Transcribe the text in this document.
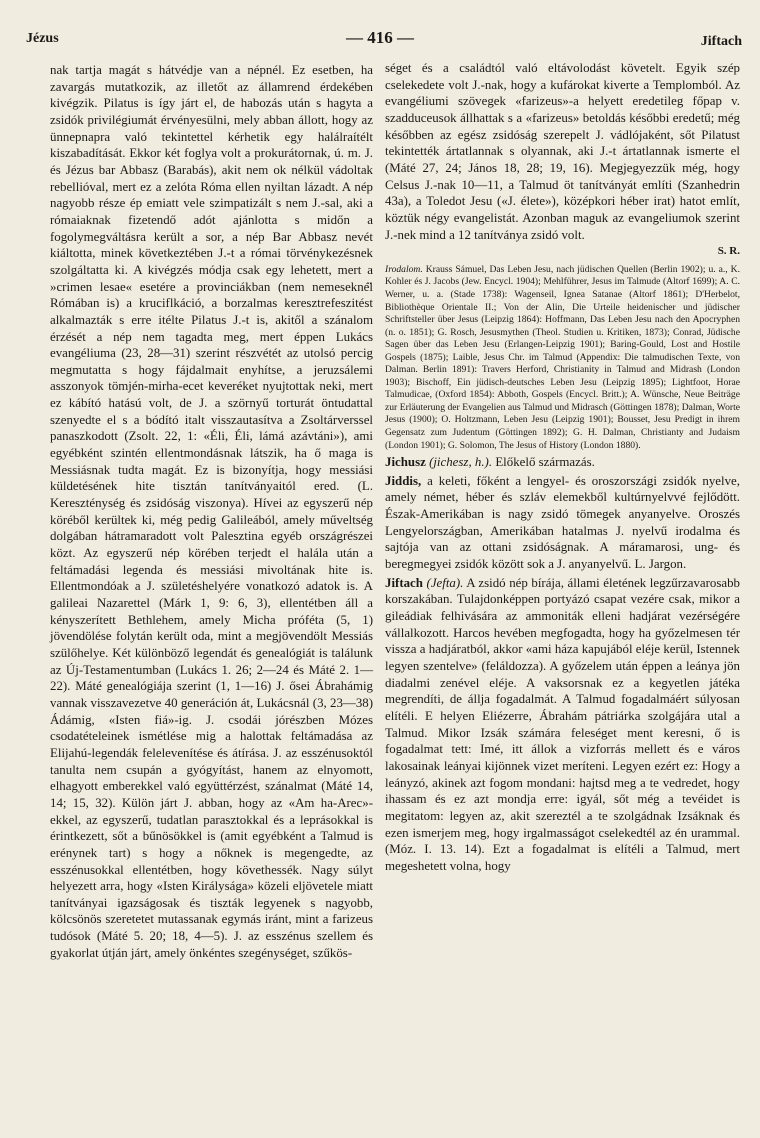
Jézus	— 416 —	Jiftach

nak tartja magát s hátvédje van a népnél. Ez esetben, ha zavargás mutatkozik, az illetőt az államrend érdekében kivégzik. Pilatus is így járt el, de habozás után s hagyta a zsidók privilégiumát érvényesülni, mely abban állott, hogy az ünnepnapra való tekintettel kérhetik egy halálraítélt kiszabadítását. Ekkor két foglya volt a prokurátornak, ú. m. J. és Jézus bar Abbasz (Barabás), akit nem ok nélkül vádoltak rebellióval, mert ez a zelóta Róma ellen nyiltan lázadt. A nép nagyobb része ép emiatt vele szimpatizált s nem J.-sal, aki a rómaiaknak fizetendő adót ajánlotta s midőn a fogolymegváltásra került a sor, a nép Bar Abbasz nevét kiáltotta, minek következtében J.-t a római törvénykezésnek szolgáltatta ki. A kivégzés módja csak egy lehetett, mert a »crimen lesae« esetére a provinciákban (nem nemesekné̈l Rómában is) a kruciflkáció, a borzalmas keresztrefeszitést alkalmazták s erre itélte Pilatus J.-t is, akitől a szánalom érzését a nép nem tagadta meg, mert éppen Lukács evangéliuma (23, 28—31) szerint részvétét az utolsó percig megmutatta s hogy fájdalmait enyhítse, a jeruzsálemi asszonyok tömjén-mirha-ecet keveréket nyujtottak neki, mert ez kábító hatású volt, de J. a szörnyű torturát öntudattal szenyedte el s a bódító italt visszautasítva a Zsoltárverssel panaszkodott (Zsolt. 22, 1: «Éli, Éli, lámá azávtáni»), ami egyébként szintén ellentmondásnak látszik, ha ő maga is Messiásnak tudta magát. Ez is bizonyítja, hogy messiási küldetésének hite tisztán tanítványaitól ered. (L. Kereszténység és zsidóság viszonya). Hívei az egyszerű nép köréből kerültek ki, még pedig Galileából, amely műveltség dolgában hátramaradott volt Palesztina egyéb országrészei közt. Az egyszerű nép körében terjedt el halála után a feltámadási legenda és messiási mivoltának hite is. Ellentmondóak a J. születéshelyére vonatkozó adatok is. A galileai Nazarettel (Márk 1, 9: 6, 3), ellentétben áll a kényszerített Bethlehem, amely Micha próféta (5, 1) jövendölése folytán került oda, mint a megjövendölt Messiás szülőhelye. Két különböző legendát és genealógiát is találunk az Új-Testamentumban (Lukács 1. 26; 2—24 és Máté 2. 1—22). Máté genealógiája szerint (1, 1—16) J. ősei Ábrahámig vannak visszavezetve 40 generáción át, Lukácsnál (3, 23—38) Ádámig, «Isten fiá»-ig. J. csodái jórészben Mózes csodatételeinek ismétlése mig a halottak feltámadása az Elijahú-legendák felelevenítése és átírása. J. az esszénusoktól tanulta nem csupán a gyógyítást, hanem az elnyomott, elhagyott emberekkel való együttérzést, szánalmat (Máté 14, 14; 15, 32). Külön járt J. abban, hogy az «Am ha-Arec»-ekkel, az egyszerű, tudatlan parasztokkal és a leprásokkal is érintkezett, sőt a bűnösökkel is (amit egyébként a Talmud is erénynek tart) s hogy a nőknek is megengedte, az esszénusokkal ellentétben, hogy követhessék. Nagy súlyt helyezett arra, hogy «Isten Királysága» közeli eljövetele miatt tanítványai igazságosak és tiszták legyenek s nagyobb, kölcsönös szeretetet mutassanak egymás iránt, mint a farizeus tudósok (Máté 5. 20; 18, 4—5). J. az esszénus szellem és gyakorlat útján járt, amely önkéntes szegénységet, szűkös-

séget és a családtól való eltávolodást követelt. Egyik szép cselekedete volt J.-nak, hogy a kufárokat kiverte a Templomból. Az evangéliumi szövegek «farizeus»-a helyett eredetileg főpap v. szadduceusok állhattak s a «farizeus» betoldás későbbi eredetű; még későbben az egész zsidóság szerepelt J. vádlójaként, sőt Pilatust tekintették ártatlannak s olyannak, aki J.-t ártatlannak ismerte el (Máté 27, 24; János 18, 28; 19, 16). Megjegyezzük még, hogy Celsus J.-nak 10—11, a Talmud öt tanítványát említi (Szanhedrin 43a), a Toledot Jesu («J. élete»), középkori héber irat) hatot említ, köztük négy evangelistát. Azonban maguk az evangeliumok szerint J.-nek mind a 12 tanítványa zsidó volt.

S. R.

Irodalom. Krauss Sámuel, Das Leben Jesu, nach jüdischen Quellen (Berlin 1902); u. a., K. Kohler és J. Jacobs (Jew. Encycl. 1904); Mehlführer, Jesus im Talmude (Altorf 1699); A. C. Werner, u. a. (Stade 1738): Wagenseil, Ignea Satanae (Altorf 1861); D'Herbelot, Bibliothèque Orientale II.; Von der Alin, Die Urteile heidenischer und jüdischer Schriftsteller über Jesus (Leipzig 1864): Hoffmann, Das Leben Jesu nach den Apocryphen (n. o. 1851); G. Rosch, Jesusmythen (Theol. Studien u. Kritiken, 1873); Conrad, Jüdische Sagen über das Leben Jesu (Erlangen-Leipzig 1901); Baring-Gould, Lost and Hostile Gospels (1875); Laible, Jesus Chr. im Talmud (Appendix: Die talmudischen Texte, von Dalman. Berlin 1891): Travers Herford, Christianity in Talmud and Midrash (London 1903); Bischoff, Ein jüdisch-deutsches Leben Jesu (Leipzig 1895); Lightfoot, Horae Talmudicae, (Oxford 1854): Abboth, Gospels (Encycl. Britt.); A. Wünsche, Neue Beiträge zur Erläuterung der Evangelien aus Talmud und Midrasch (Göttingen 1878); Dalman, Worte Jesus (1900); O. Holtzmann, Leben Jesu (Leipzig 1901); Bousset, Jesu Predigt in ihrem Gegensatz zum Judentum (Göttingen 1892); G. H. Dalman, Christianty and Judaism (London 1901); G. Solomon, The Jesus of History (London 1880).

Jichusz (jichesz, h.). Előkelő származás.

Jiddis, a keleti, főként a lengyel- és oroszországi zsidók nyelve, amely német, héber és szláv elemekből kultúrnyelvvé fejlődött. Észak-Amerikában is nagy zsidó tömegek anyanyelve. Oroszés Lengyelországban, Amerikában hatalmas J. nyelvű irodalma és sajtója van az ottani zsidóságnak. A máramarosi, ung- és beregmegyei zsidók között sok a J. anyanyelvű. L. Jargon.

Jiftach (Jefta). A zsidó nép bírája, állami életének legzűrzavarosabb korszakában. Tulajdonképpen portyázó csapat vezére csak, mikor a gileádiak felhivására az ammoniták elleni hadjárat vezérségére vállalkozott. Harcos hevében megfogadta, hogy ha győzelmesen tér vissza a hadjáratból, akkor «ami háza kapujából eléje kerül, Istennek legyen szentelve» (feláldozza). A győzelem után éppen a leánya jön diadalmi zenével eléje. A vaksorsnak ez a kegyetlen játéka megrendíti, de állja fogadalmát. A Talmud fogadalmáért súlyosan elítéli. E helyen Eliézerre, Ábrahám pátriárka szolgájára utal a Talmud. Mikor Izsák számára feleséget ment keresni, ő is fogadalmat tett: Imé, itt állok a vizforrás mellett és e város lakosainak leányai kijönnek vizet meríteni. Legyen ezért ez: Hogy a leányzó, akinek azt fogom mondani: hajtsd meg a te vedredet, hogy ihassam és ez azt mondja erre: igyál, sőt még a tevéidet is megitatom: legyen az, akit szereztél a te szolgádnak Izsáknak és ezen ismerjem meg, hogy irgalmasságot cselekedtél az én urammal. (Móz. I. 13. 14). Ezt a fogadalmat is elítéli a Talmud, mert megeshetett volna, hogy
